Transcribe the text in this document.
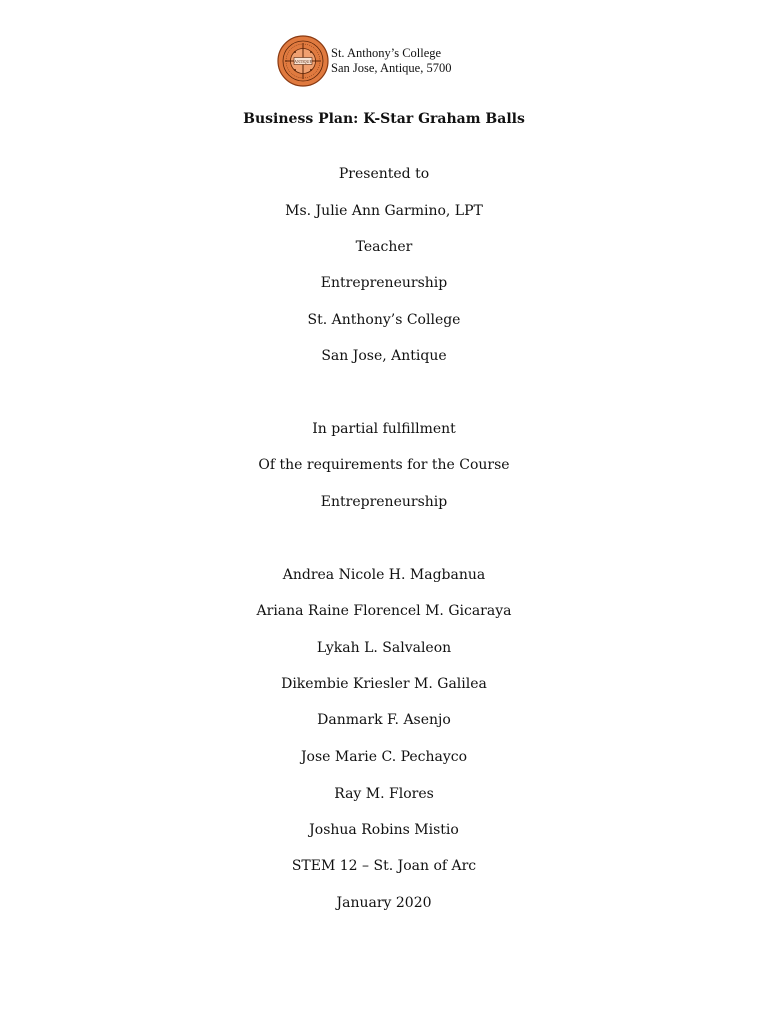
ANTIQUE
St. Anthony’s College
San Jose, Antique, 5700
Business Plan: K-Star Graham Balls
Presented to
Ms. Julie Ann Garmino, LPT
Teacher
Entrepreneurship
St. Anthony’s College
San Jose, Antique
In partial fulfillment
Of the requirements for the Course
Entrepreneurship
Andrea Nicole H. Magbanua
Ariana Raine Florencel M. Gicaraya
Lykah L. Salvaleon
Dikembie Kriesler M. Galilea
Danmark F. Asenjo
Jose Marie C. Pechayco
Ray M. Flores
Joshua Robins Mistio
STEM 12 – St. Joan of Arc
January 2020
